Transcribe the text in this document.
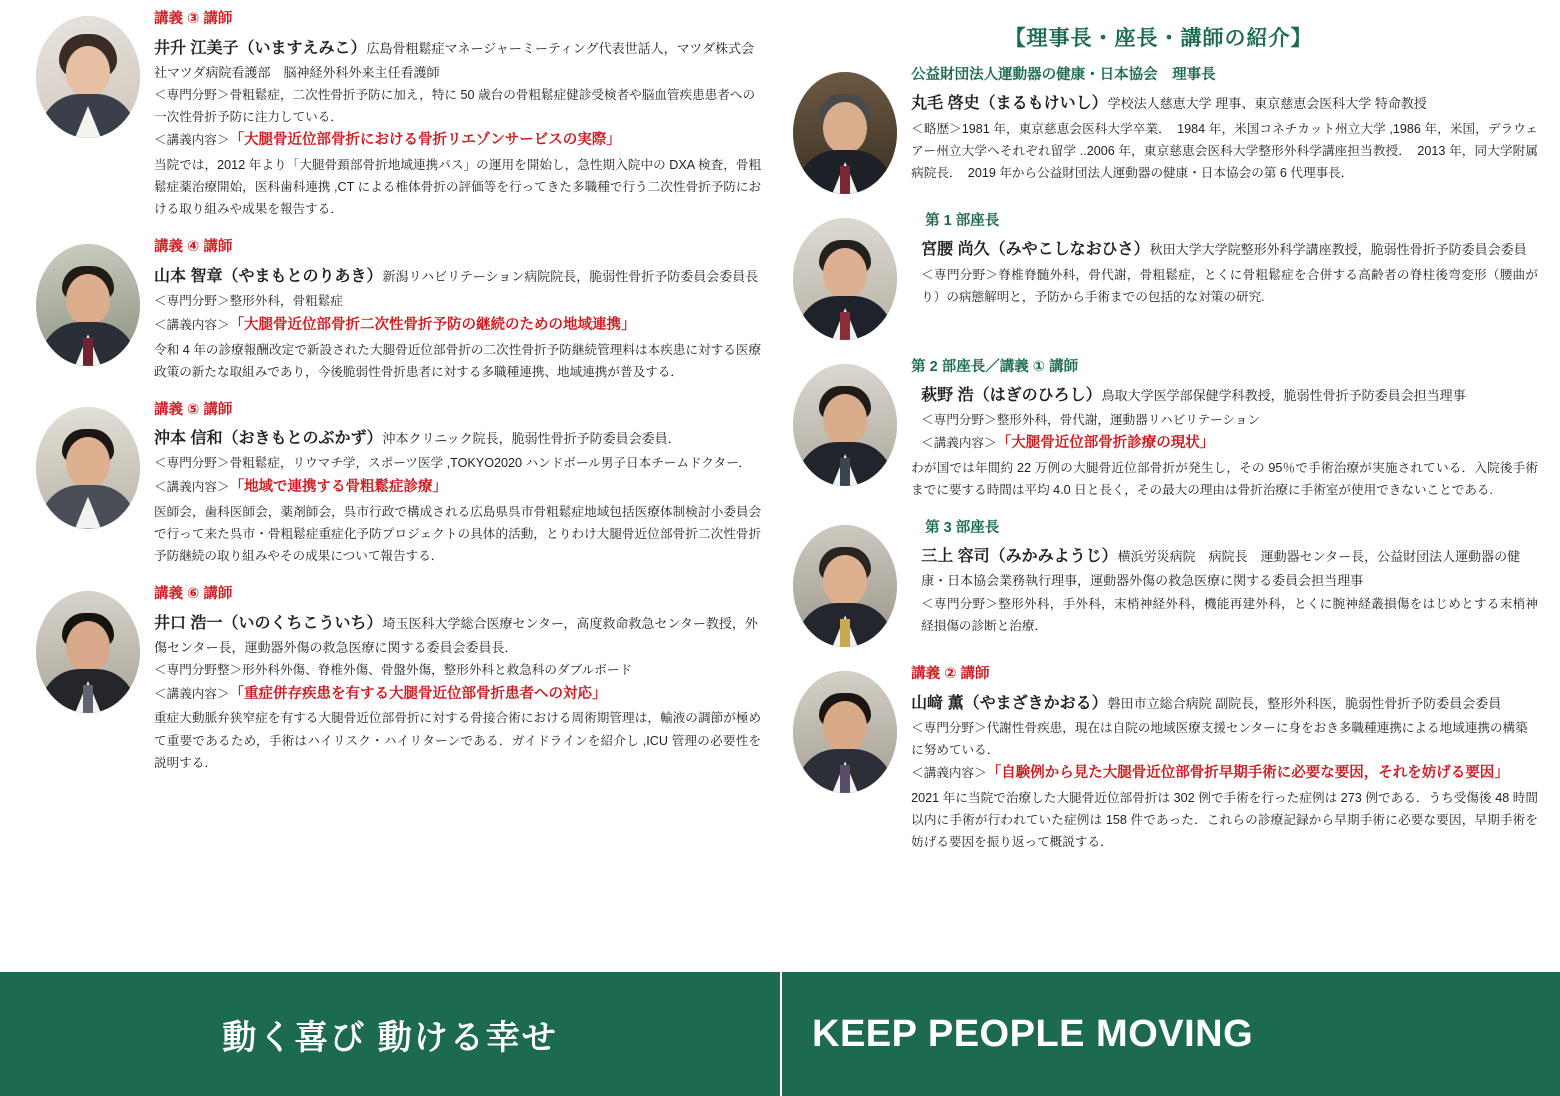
講義 ③ 講師
井升 江美子（いますえみこ）広島骨粗鬆症マネージャーミーティング代表世話人，マツダ株式会社マツダ病院看護部　脳神経外科外来主任看護師
＜専門分野＞骨粗鬆症，二次性骨折予防に加え，特に 50 歳台の骨粗鬆症健診受検者や脳血管疾患患者への一次性骨折予防に注力している．
＜講義内容＞「大腿骨近位部骨折における骨折リエゾンサービスの実際」
当院では，2012 年より「大腿骨頚部骨折地域連携パス」の運用を開始し，急性期入院中の DXA 検査，骨粗鬆症薬治療開始，医科歯科連携 ,CT による椎体骨折の評価等を行ってきた多職種で行う二次性骨折予防における取り組みや成果を報告する．
講義 ④ 講師
山本 智章（やまもとのりあき）新潟リハビリテーション病院院長，脆弱性骨折予防委員会委員長
＜専門分野＞整形外科，骨粗鬆症
＜講義内容＞「大腿骨近位部骨折二次性骨折予防の継続のための地域連携」
令和 4 年の診療報酬改定で新設された大腿骨近位部骨折の二次性骨折予防継続管理料は本疾患に対する医療政策の新たな取組みであり，今後脆弱性骨折患者に対する多職種連携、地域連携が普及する．
講義 ⑤ 講師
沖本 信和（おきもとのぶかず）沖本クリニック院長，脆弱性骨折予防委員会委員．
＜専門分野＞骨粗鬆症，リウマチ学，スポーツ医学 ,TOKYO2020 ハンドボール男子日本チームドクター．
＜講義内容＞「地域で連携する骨粗鬆症診療」
医師会，歯科医師会，薬剤師会，呉市行政で構成される広島県呉市骨粗鬆症地域包括医療体制検討小委員会で行って来た呉市・骨粗鬆症重症化予防プロジェクトの具体的活動，とりわけ大腿骨近位部骨折二次性骨折予防継続の取り組みやその成果について報告する．
講義 ⑥ 講師
井口 浩一（いのくちこういち）埼玉医科大学総合医療センター，高度救命救急センター教授，外傷センター長，運動器外傷の救急医療に関する委員会委員長．
＜専門分野整＞形外科外傷、脊椎外傷、骨盤外傷，整形外科と救急科のダブルボード
＜講義内容＞「重症併存疾患を有する大腿骨近位部骨折患者への対応」
重症大動脈弁狭窄症を有する大腿骨近位部骨折に対する骨接合術における周術期管理は，輸液の調節が極めて重要であるため，手術はハイリスク・ハイリターンである．ガイドラインを紹介し ,ICU 管理の必要性を説明する．
【理事長・座長・講師の紹介】
公益財団法人運動器の健康・日本協会　理事長
丸毛 啓史（まるもけいし）学校法人慈恵大学 理事、東京慈恵会医科大学 特命教授
＜略歴＞1981 年，東京慈恵会医科大学卒業．　1984 年，米国コネチカット州立大学 ,1986 年，米国，デラウェアー州立大学へそれぞれ留学 ..2006 年，東京慈恵会医科大学整形外科学講座担当教授．　2013 年，同大学附属病院長．　2019 年から公益財団法人運動器の健康・日本協会の第 6 代理事長．
第 1 部座長
宮腰 尚久（みやこしなおひさ）秋田大学大学院整形外科学講座教授，脆弱性骨折予防委員会委員
＜専門分野＞脊椎脊髄外科，骨代謝，骨粗鬆症，とくに骨粗鬆症を合併する高齢者の脊柱後弯変形（腰曲がり）の病態解明と，予防から手術までの包括的な対策の研究.
第 2 部座長／講義 ① 講師
萩野 浩（はぎのひろし）鳥取大学医学部保健学科教授，脆弱性骨折予防委員会担当理事
＜専門分野＞整形外科，骨代謝，運動器リハビリテーション
＜講義内容＞「大腿骨近位部骨折診療の現状」
わが国では年間約 22 万例の大腿骨近位部骨折が発生し，その 95％で手術治療が実施されている．入院後手術までに要する時間は平均 4.0 日と長く，その最大の理由は骨折治療に手術室が使用できないことである.
第 3 部座長
三上 容司（みかみようじ）横浜労災病院　病院長　運動器センター長，公益財団法人運動器の健康・日本協会業務執行理事，運動器外傷の救急医療に関する委員会担当理事
＜専門分野＞整形外科，手外科，末梢神経外科，機能再建外科，とくに腕神経叢損傷をはじめとする末梢神経損傷の診断と治療．
講義 ② 講師
山﨑 薫（やまざきかおる）磐田市立総合病院 副院長，整形外科医，脆弱性骨折予防委員会委員
＜専門分野＞代謝性骨疾患，現在は自院の地域医療支援センターに身をおき多職種連携による地域連携の構築に努めている．
＜講義内容＞「自験例から見た大腿骨近位部骨折早期手術に必要な要因，それを妨げる要因」
2021 年に当院で治療した大腿骨近位部骨折は 302 例で手術を行った症例は 273 例である．うち受傷後 48 時間以内に手術が行われていた症例は 158 件であった．これらの診療記録から早期手術に必要な要因，早期手術を妨げる要因を振り返って概説する．
動く喜び 動ける幸せ	KEEP PEOPLE MOVING
